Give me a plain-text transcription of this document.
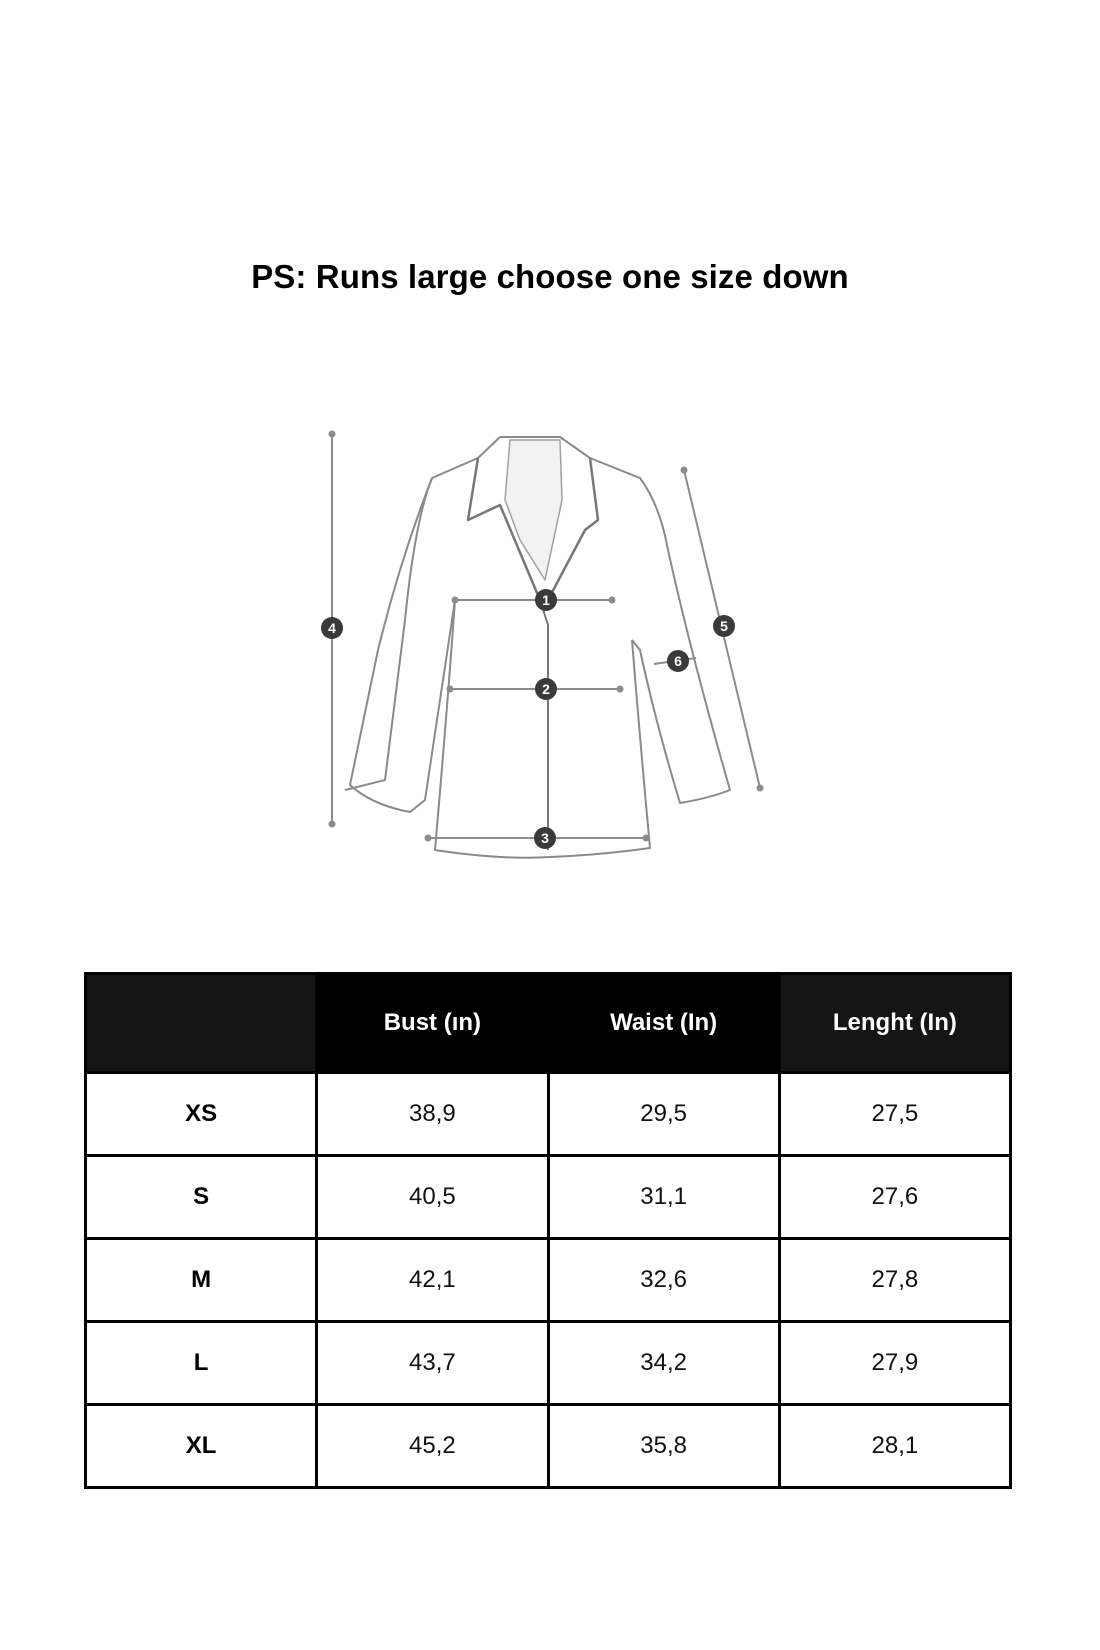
PS: Runs large choose one size down
1
2
3
4	5
6
	Bust (ın)	Waist (In)	Lenght (In)
XS	38,9	29,5	27,5
S	40,5	31,1	27,6
M	42,1	32,6	27,8
L	43,7	34,2	27,9
XL	45,2	35,8	28,1
